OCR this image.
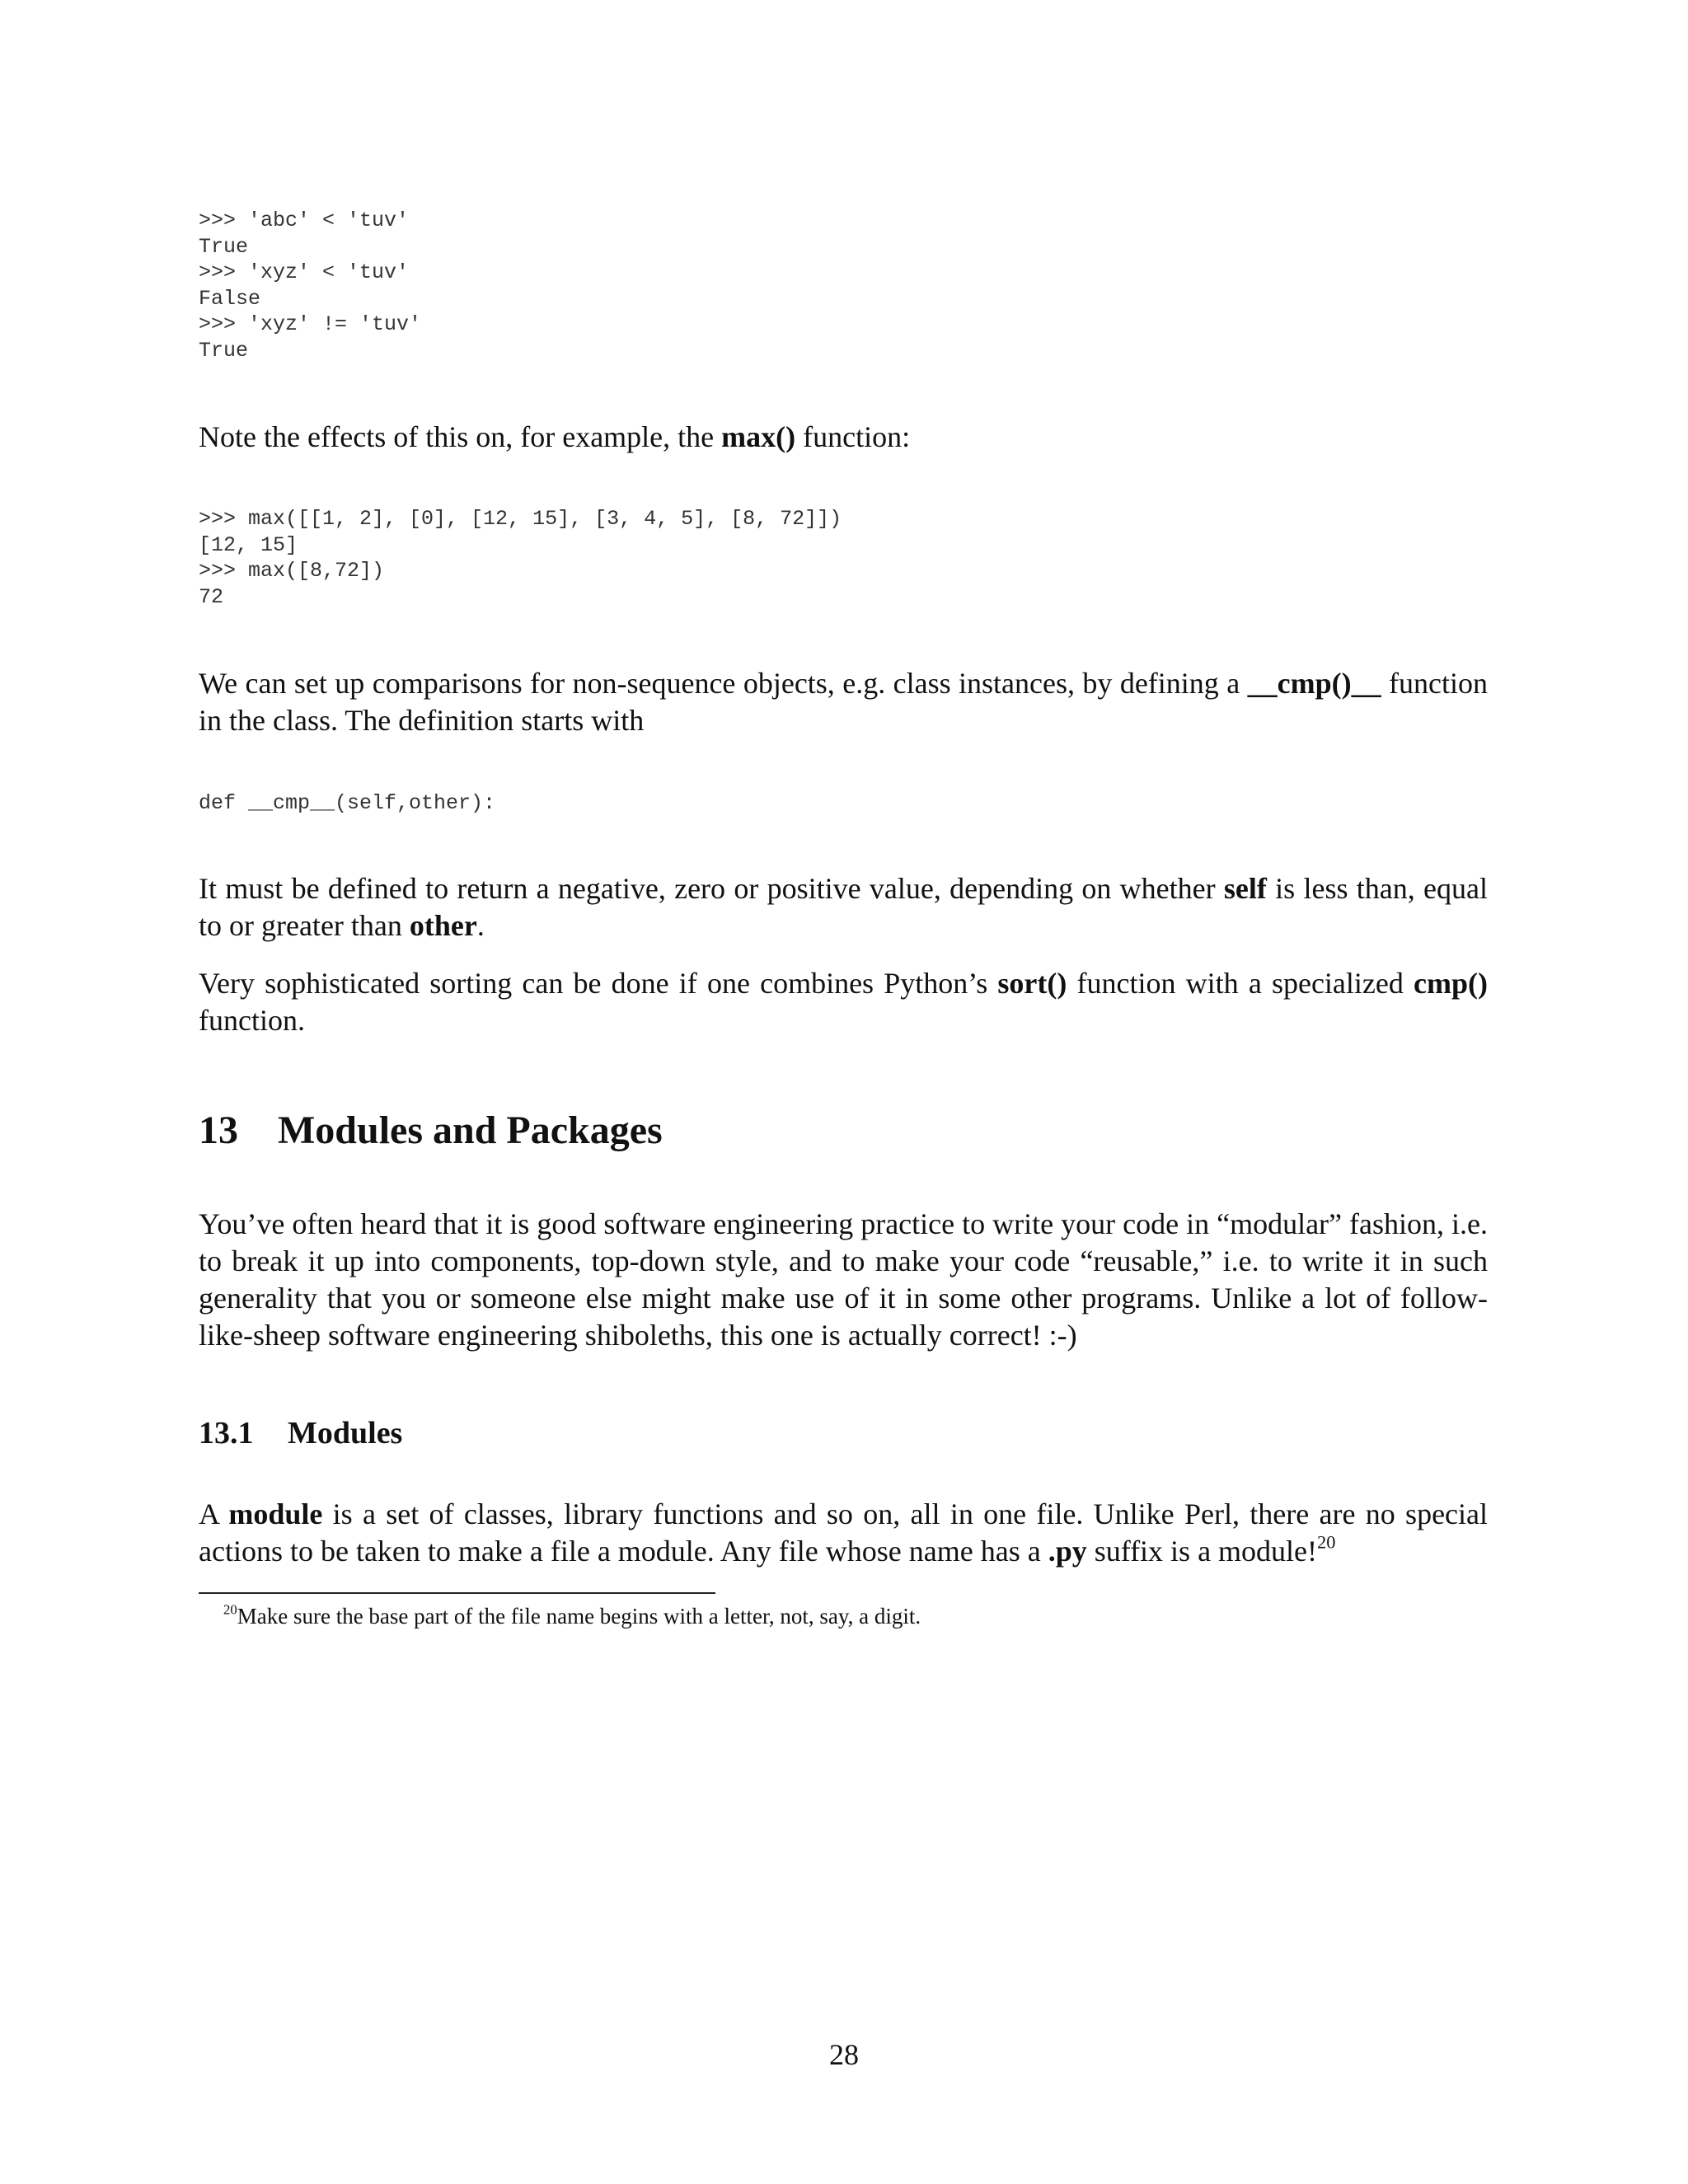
>>> 'abc' < 'tuv'
True
>>> 'xyz' < 'tuv'
False
>>> 'xyz' != 'tuv'
True

Note the effects of this on, for example, the max() function:

>>> max([[1, 2], [0], [12, 15], [3, 4, 5], [8, 72]])
[12, 15]
>>> max([8,72])
72

We can set up comparisons for non-sequence objects, e.g. class instances, by defining a __cmp()__ function in the class. The definition starts with

def __cmp__(self,other):

It must be defined to return a negative, zero or positive value, depending on whether self is less than, equal to or greater than other.

Very sophisticated sorting can be done if one combines Python’s sort() function with a specialized cmp() function.

13 Modules and Packages

You’ve often heard that it is good software engineering practice to write your code in “modular” fashion, i.e. to break it up into components, top-down style, and to make your code “reusable,” i.e. to write it in such generality that you or someone else might make use of it in some other programs. Unlike a lot of follow-like-sheep software engineering shiboleths, this one is actually correct! :-)

13.1 Modules

A module is a set of classes, library functions and so on, all in one file. Unlike Perl, there are no special actions to be taken to make a file a module. Any file whose name has a .py suffix is a module!$^{20}$

$^{20}$Make sure the base part of the file name begins with a letter, not, say, a digit.

28
